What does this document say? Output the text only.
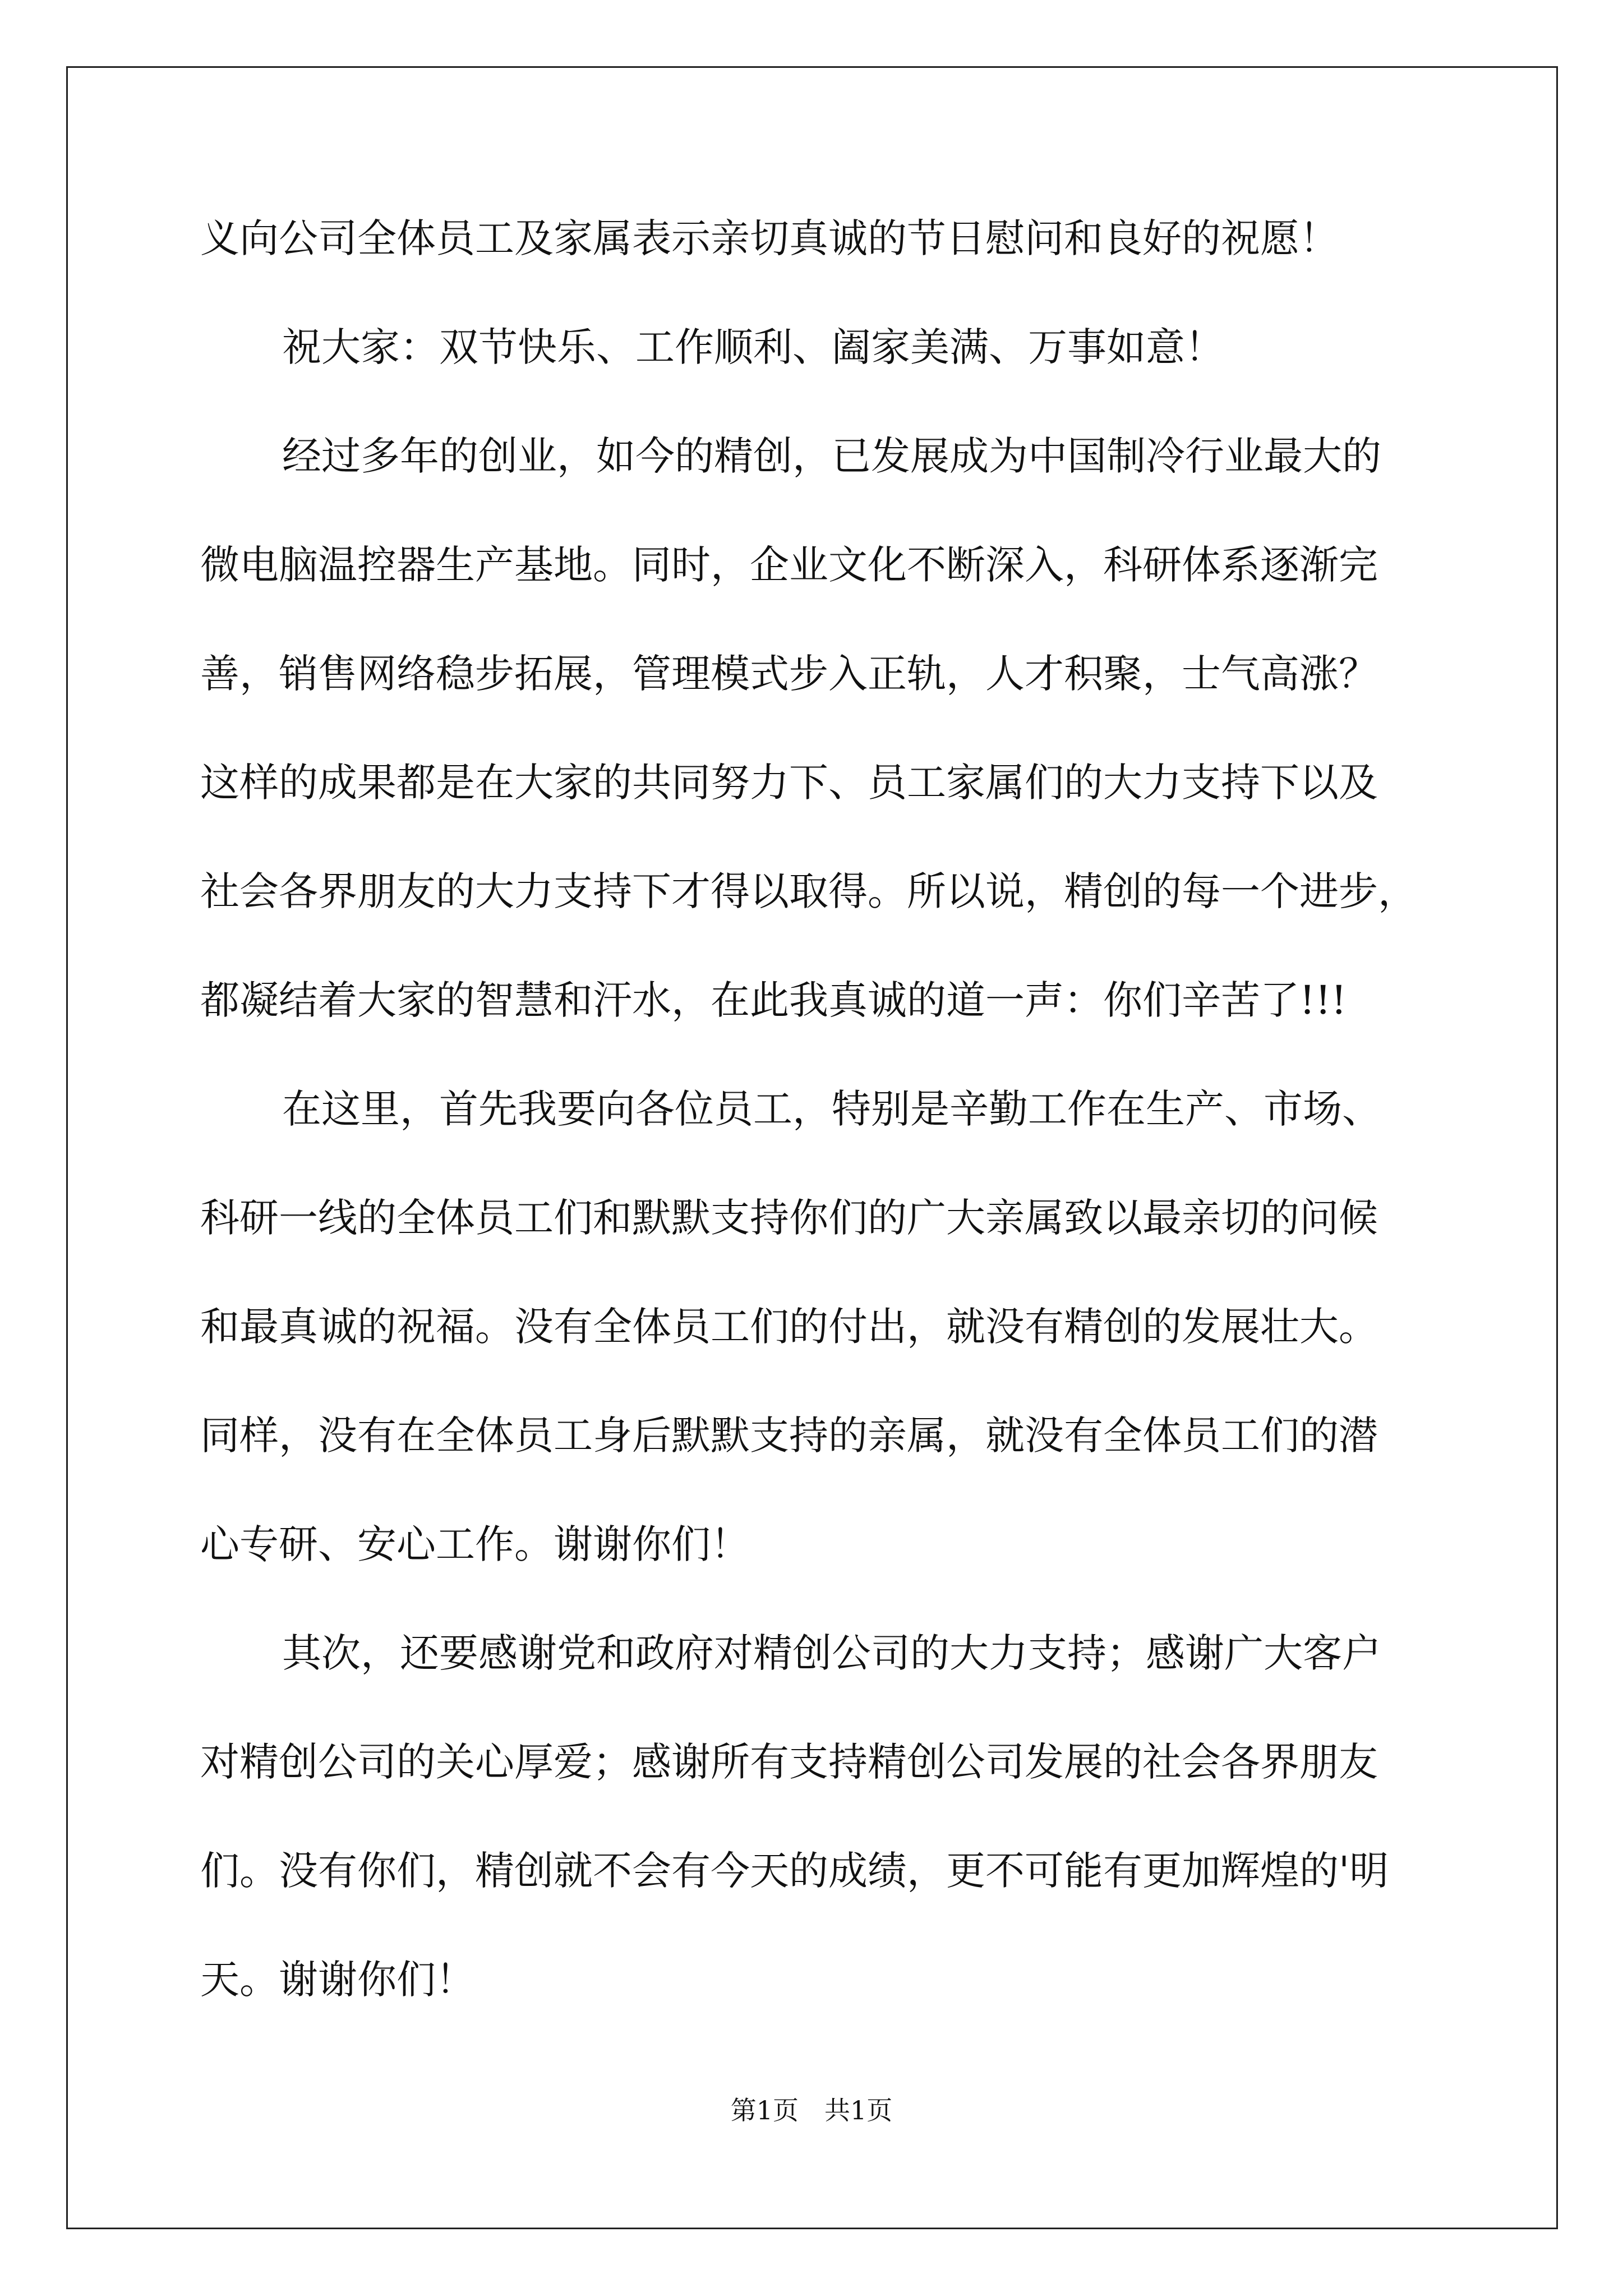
义向公司全体员工及家属表示亲切真诚的节日慰问和良好的祝愿！
祝大家：双节快乐、工作顺利、阖家美满、万事如意！
经过多年的创业，如今的精创，已发展成为中国制冷行业最大的
微电脑温控器生产基地。同时，企业文化不断深入，科研体系逐渐完
善，销售网络稳步拓展，管理模式步入正轨，人才积聚，士气高涨？
这样的成果都是在大家的共同努力下、员工家属们的大力支持下以及
社会各界朋友的大力支持下才得以取得。所以说，精创的每一个进步，
都凝结着大家的智慧和汗水，在此我真诚的道一声：你们辛苦了!!!
在这里，首先我要向各位员工，特别是辛勤工作在生产、市场、
科研一线的全体员工们和默默支持你们的广大亲属致以最亲切的问候
和最真诚的祝福。没有全体员工们的付出，就没有精创的发展壮大。
同样，没有在全体员工身后默默支持的亲属，就没有全体员工们的潜
心专研、安心工作。谢谢你们！
其次，还要感谢党和政府对精创公司的大力支持；感谢广大客户
对精创公司的关心厚爱；感谢所有支持精创公司发展的社会各界朋友
们。没有你们，精创就不会有今天的成绩，更不可能有更加辉煌的'明
天。谢谢你们！
第1页　共1页
